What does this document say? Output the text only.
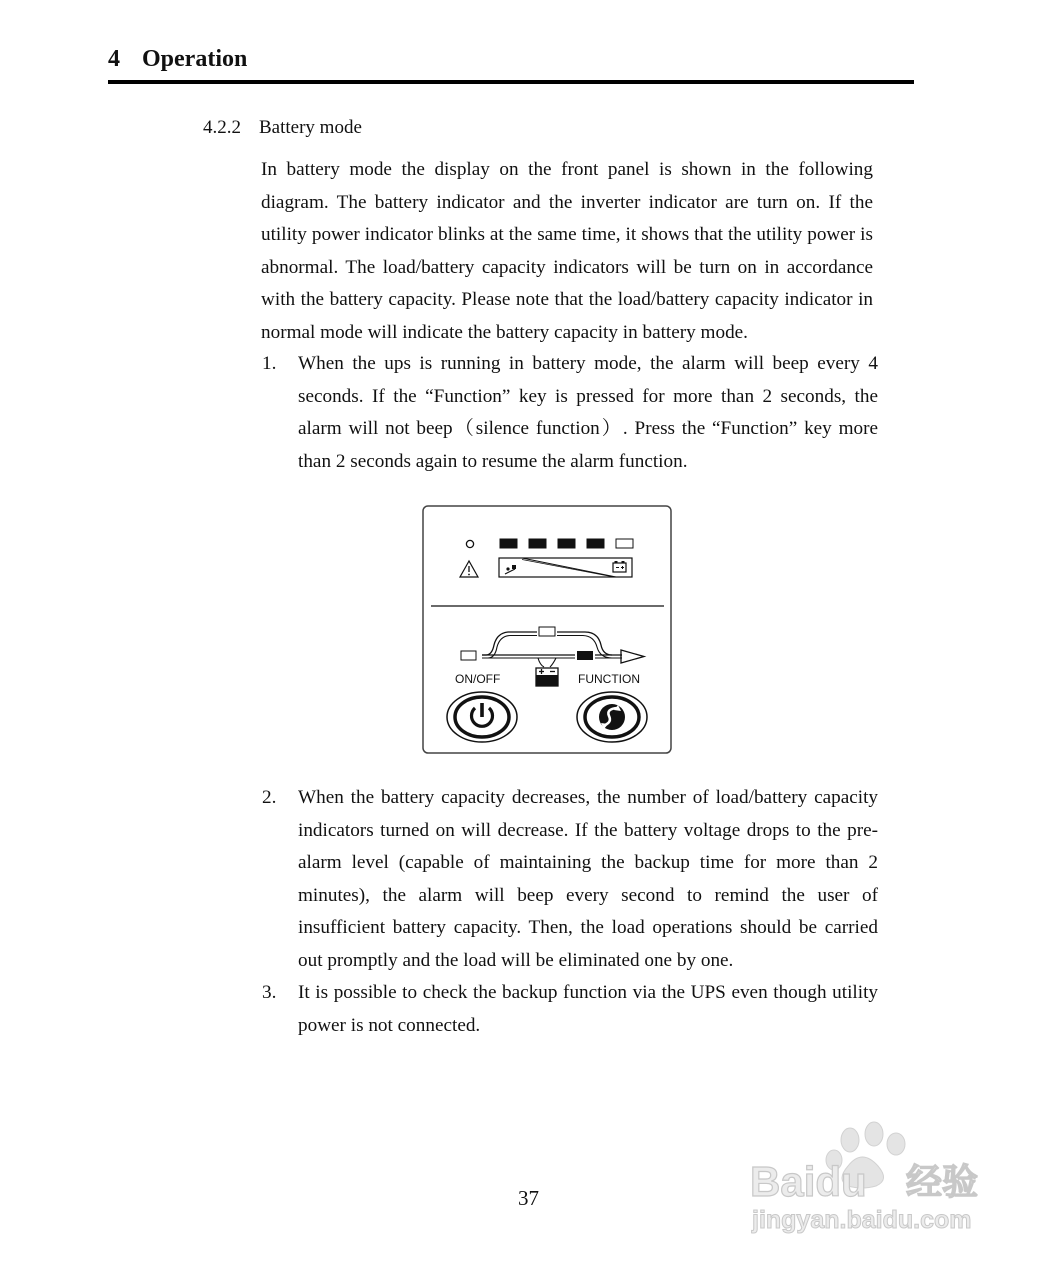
4 Operation
4.2.2 Battery mode
In battery mode the display on the front panel is shown in the following diagram. The battery indicator and the inverter indicator are turn on. If the utility power indicator blinks at the same time, it shows that the utility power is abnormal. The load/battery capacity indicators will be turn on in accordance with the battery capacity. Please note that the load/battery capacity indicator in normal mode will indicate the battery capacity in battery mode.
1. When the ups is running in battery mode, the alarm will beep every 4 seconds. If the “Function” key is pressed for more than 2 seconds, the alarm will not beep（silence function）. Press the “Function” key more than 2 seconds again to resume the alarm function.
ON/OFF	FUNCTION
2. When the battery capacity decreases, the number of load/battery capacity indicators turned on will decrease. If the battery voltage drops to the pre-alarm level (capable of maintaining the backup time for more than 2 minutes), the alarm will beep every second to remind the user of insufficient battery capacity. Then, the load operations should be carried out promptly and the load will be eliminated one by one.
3. It is possible to check the backup function via the UPS even though utility power is not connected.
37	Baidu 经验
jingyan.baidu.com
